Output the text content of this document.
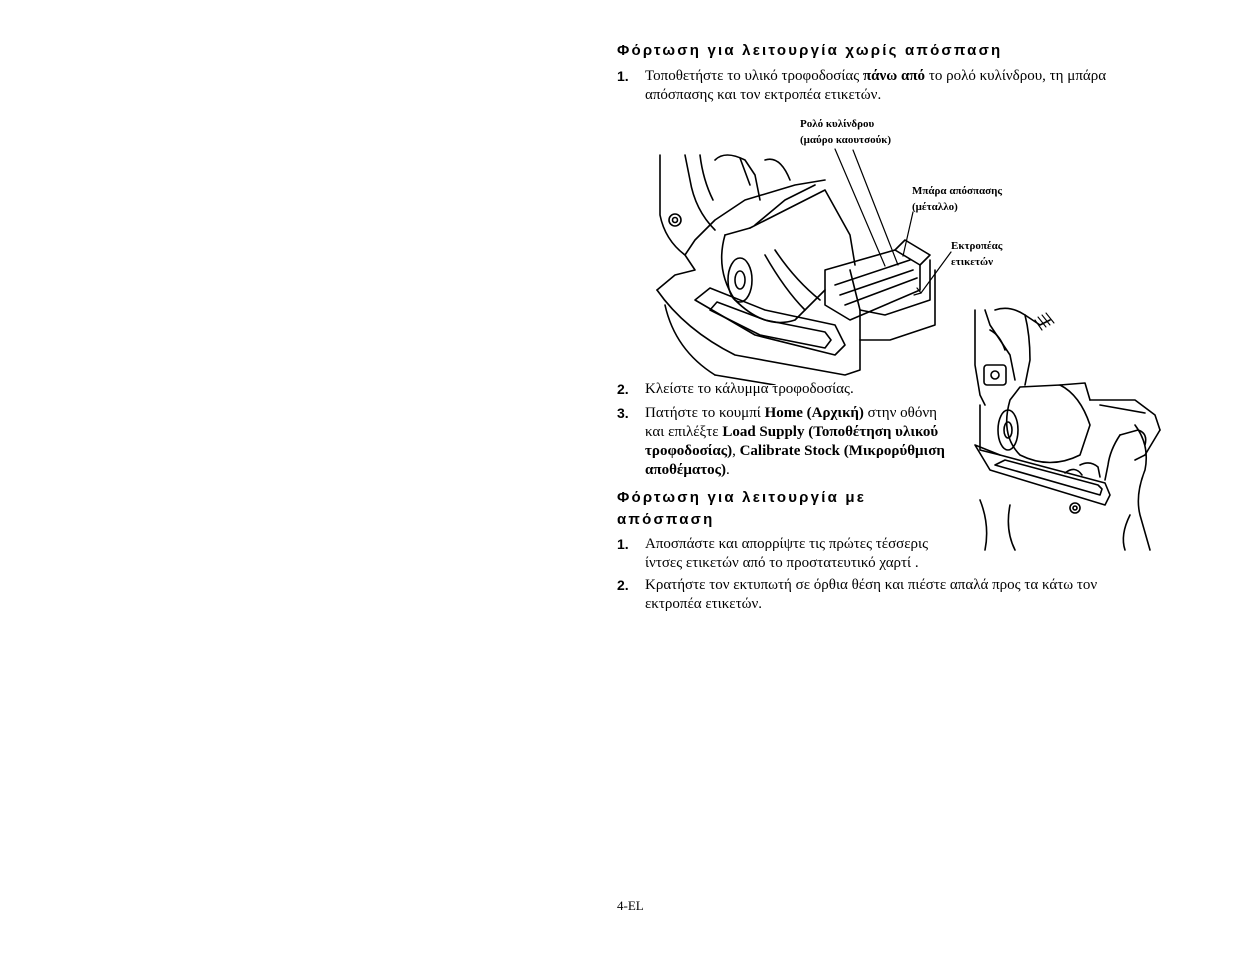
Φόρτωση για λειτουργία χωρίς απόσπαση
1. Τοποθετήστε το υλικό τροφοδοσίας πάνω από το ρολό κυλίνδρου, τη μπάρα
απόσπασης και τον εκτροπέα ετικετών.
Ρολό κυλίνδρου
(μαύρο καουτσούκ)
Μπάρα απόσπασης
(μέταλλο)
Εκτροπέας
ετικετών
2. Κλείστε το κάλυμμα τροφοδοσίας.
3. Πατήστε το κουμπί Home (Αρχική) στην οθόνη
και επιλέξτε Load Supply (Τοποθέτηση υλικού
τροφοδοσίας), Calibrate Stock (Μικρορύθμιση
αποθέματος).
Φόρτωση για λειτουργία με
απόσπαση
1. Αποσπάστε και απορρίψτε τις πρώτες τέσσερις
ίντσες ετικετών από το προστατευτικό χαρτί .
2. Κρατήστε τον εκτυπωτή σε όρθια θέση και πιέστε απαλά προς τα κάτω τον
εκτροπέα ετικετών.
4-EL
